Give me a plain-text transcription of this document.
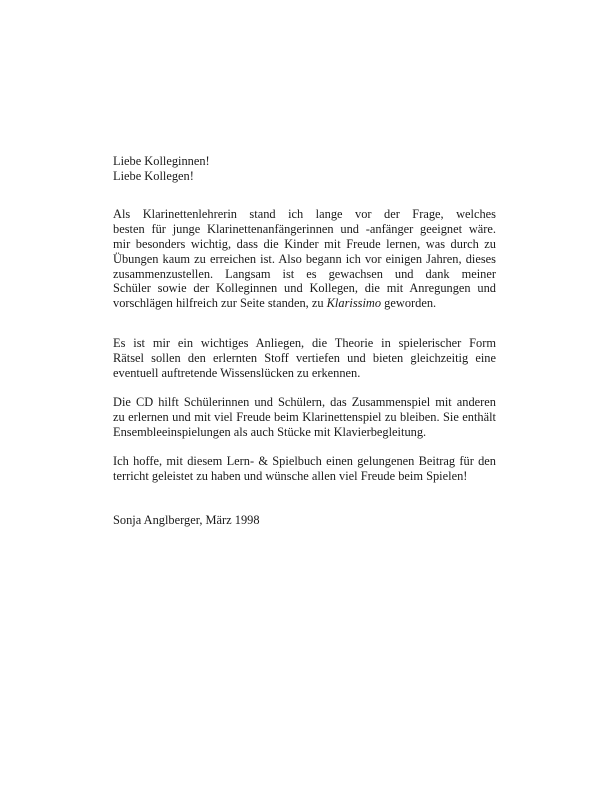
Liebe Kolleginnen!
Liebe Kollegen!
Als Klarinettenlehrerin stand ich lange vor der Frage, welches
besten für junge Klarinettenanfängerinnen und -anfänger geeignet wäre.
mir besonders wichtig, dass die Kinder mit Freude lernen, was durch zu
Übungen kaum zu erreichen ist. Also begann ich vor einigen Jahren, dieses
zusammenzustellen. Langsam ist es gewachsen und dank meiner
Schüler sowie der Kolleginnen und Kollegen, die mit Anregungen und
vorschlägen hilfreich zur Seite standen, zu Klarissimo geworden.
Es ist mir ein wichtiges Anliegen, die Theorie in spielerischer Form
Rätsel sollen den erlernten Stoff vertiefen und bieten gleichzeitig eine
eventuell auftretende Wissenslücken zu erkennen.
Die CD hilft Schülerinnen und Schülern, das Zusammenspiel mit anderen
zu erlernen und mit viel Freude beim Klarinettenspiel zu bleiben. Sie enthält
Ensembleeinspielungen als auch Stücke mit Klavierbegleitung.
Ich hoffe, mit diesem Lern- & Spielbuch einen gelungenen Beitrag für den
terricht geleistet zu haben und wünsche allen viel Freude beim Spielen!
Sonja Anglberger, März 1998
